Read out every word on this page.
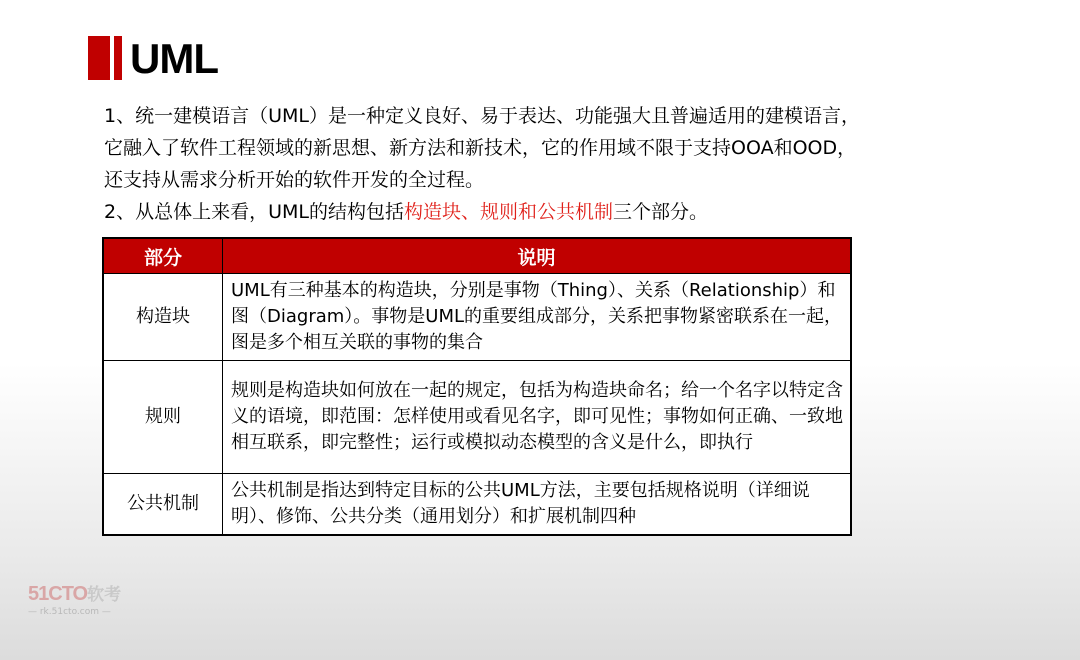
UML

1、统一建模语言（UML）是一种定义良好、易于表达、功能强大且普遍适用的建模语言，它融入了软件工程领域的新思想、新方法和新技术，它的作用域不限于支持OOA和OOD，还支持从需求分析开始的软件开发的全过程。

2、从总体上来看，UML的结构包括构造块、规则和公共机制三个部分。

部分	说明
构造块	UML有三种基本的构造块，分别是事物（Thing）、关系（Relationship）和图（Diagram）。事物是UML的重要组成部分，关系把事物紧密联系在一起，图是多个相互关联的事物的集合
规则	规则是构造块如何放在一起的规定，包括为构造块命名；给一个名字以特定含义的语境，即范围：怎样使用或看见名字，即可见性；事物如何正确、一致地相互联系，即完整性；运行或模拟动态模型的含义是什么，即执行
公共机制	公共机制是指达到特定目标的公共UML方法，主要包括规格说明（详细说明）、修饰、公共分类（通用划分）和扩展机制四种
51CTO软考
— rk.51cto.com —
